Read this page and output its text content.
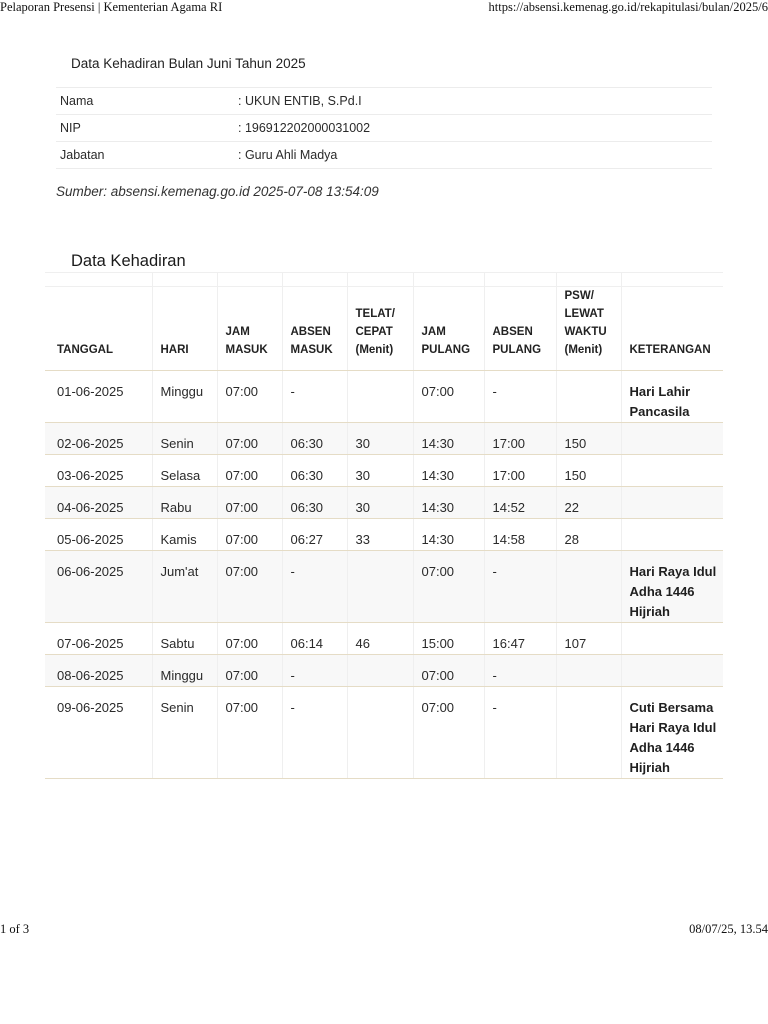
Pelaporan Presensi | Kementerian Agama RI	https://absensi.kemenag.go.id/rekapitulasi/bulan/2025/6
Data Kehadiran Bulan Juni Tahun 2025
Nama	: UKUN ENTIB, S.Pd.I
NIP	: 196912202000031002
Jabatan	: Guru Ahli Madya
Sumber: absensi.kemenag.go.id 2025-07-08 13:54:09
Data Kehadiran

TANGGAL	HARI	JAM MASUK	ABSEN MASUK	TELAT/ CEPAT (Menit)	JAM PULANG	ABSEN PULANG	PSW/ LEWAT WAKTU (Menit)	KETERANGAN
01-06-2025	Minggu	07:00	-		07:00	-		Hari Lahir Pancasila
02-06-2025	Senin	07:00	06:30	30	14:30	17:00	150	
03-06-2025	Selasa	07:00	06:30	30	14:30	17:00	150	
04-06-2025	Rabu	07:00	06:30	30	14:30	14:52	22	
05-06-2025	Kamis	07:00	06:27	33	14:30	14:58	28	
06-06-2025	Jum'at	07:00	-		07:00	-		Hari Raya Idul Adha 1446 Hijriah
07-06-2025	Sabtu	07:00	06:14	46	15:00	16:47	107	
08-06-2025	Minggu	07:00	-		07:00	-		
09-06-2025	Senin	07:00	-		07:00	-		Cuti Bersama Hari Raya Idul Adha 1446 Hijriah
1 of 3	08/07/25, 13.54
